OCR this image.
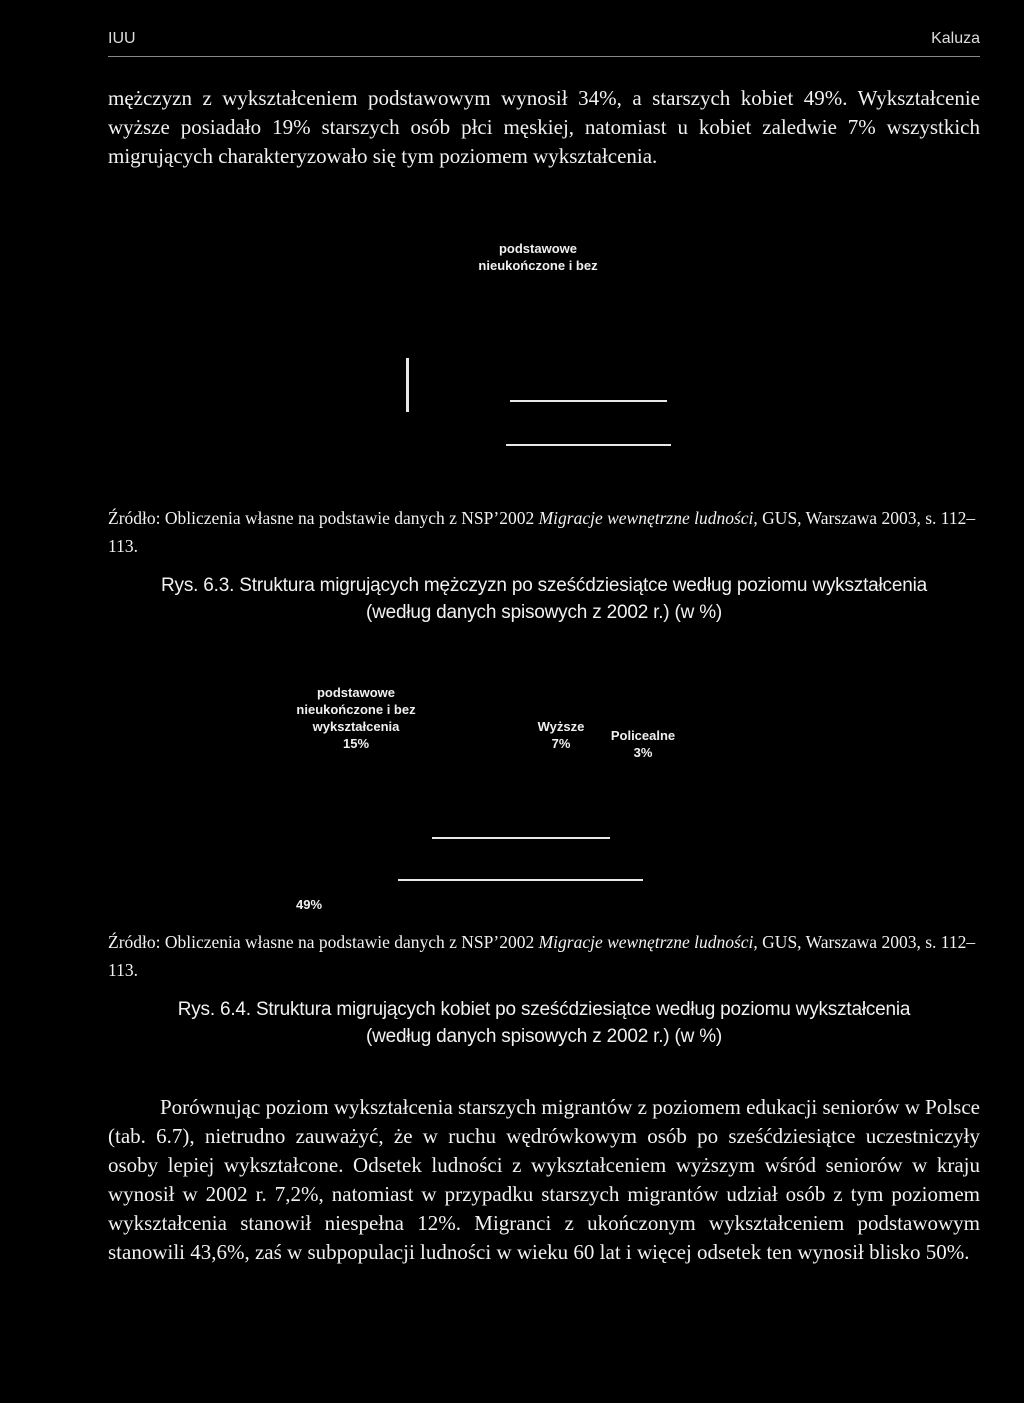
IUU	Kaluza

mężczyzn z wykształceniem podstawowym wynosił 34%, a starszych kobiet 49%. Wykształcenie wyższe posiadało 19% starszych osób płci męskiej, natomiast u kobiet zaledwie 7% wszystkich migrujących charakteryzowało się tym poziomem wykształcenia.

podstawowe
nieukończone i bez
Źródło: Obliczenia własne na podstawie danych z NSP’2002 Migracje wewnętrzne ludności, GUS, Warszawa 2003, s. 112–113.
Rys. 6.3. Struktura migrujących mężczyzn po sześćdziesiątce według poziomu wykształcenia
(według danych spisowych z 2002 r.) (w %)
podstawowe
nieukończone i bez
wykształcenia
15%
Wyższe
7%
Policealne
3%
49%
Źródło: Obliczenia własne na podstawie danych z NSP’2002 Migracje wewnętrzne ludności, GUS, Warszawa 2003, s. 112–113.
Rys. 6.4. Struktura migrujących kobiet po sześćdziesiątce według poziomu wykształcenia
(według danych spisowych z 2002 r.) (w %)

Porównując poziom wykształcenia starszych migrantów z poziomem edukacji seniorów w Polsce (tab. 6.7), nietrudno zauważyć, że w ruchu wędrówkowym osób po sześćdziesiątce uczestniczyły osoby lepiej wykształcone. Odsetek ludności z wykształceniem wyższym wśród seniorów w kraju wynosił w 2002 r. 7,2%, natomiast w przypadku starszych migrantów udział osób z tym poziomem wykształcenia stanowił niespełna 12%. Migranci z ukończonym wykształceniem podstawowym stanowili 43,6%, zaś w subpopulacji ludności w wieku 60 lat i więcej odsetek ten wynosił blisko 50%.
